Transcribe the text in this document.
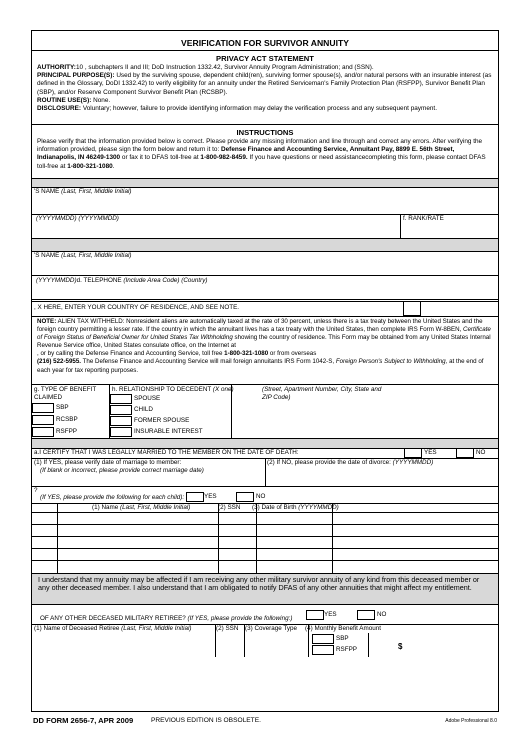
VERIFICATION FOR SURVIVOR ANNUITY
PRIVACY ACT STATEMENT
AUTHORITY:10 , subchapters II and III; DoD Instruction 1332.42, Survivor Annuity Program Administration; and (SSN).
PRINCIPAL PURPOSE(S): Used by the surviving spouse, dependent child(ren), surviving former spouse(s), and/or natural persons with an insurable interest (as defined in the Glossary, DoDI 1332.42) to verify eligibility for an annuity under the Retired Serviceman's Family Protection Plan (RSFPP), Survivor Benefit Plan (SBP), and/or Reserve Component Survivor Benefit Plan (RCSBP).
ROUTINE USE(S): None.
DISCLOSURE: Voluntary; however, failure to provide identifying information may delay the verification process and any subsequent payment.
INSTRUCTIONS
Please verify that the information provided below is correct. Please provide any missing information and line through and correct any errors. After verifying the information provided, please sign the form below and return it to: Defense Finance and Accounting Service, Annuitant Pay, 8899 E. 56th Street, Indianapolis, IN 46249-1300 or fax it to DFAS toll-free at 1-800-982-8459. If you have questions or need assistancecompleting this form, please contact DFAS toll-free at 1-800-321-1080.
'S NAME (Last, First, Middle Initial)
(YYYYMMDD) (YYYYMMDD)	f. RANK/RATE
'S NAME (Last, First, Middle Initial)
(YYYYMMDD)d. TELEPHONE (Include Area Code) (Country)
, X HERE, ENTER YOUR COUNTRY OF RESIDENCE, AND SEE NOTE.
NOTE: ALIEN TAX WITHHELD: Nonresident aliens are automatically taxed at the rate of 30 percent, unless there is a tax treaty between the United States and the foreign country permitting a lesser rate. If the country in which the annuitant lives has a tax treaty with the United States, then complete IRS Form W-8BEN, Certificate of Foreign Status of Beneficial Owner for United States Tax Withholding showing the country of residence. This Form may be obtained from any United States Internal Revenue Service office, United States consulate office, on the Internet at
, or by calling the Defense Finance and Accounting Service, toll free 1-800-321-1080 or from overseas
(216) 522-5955. The Defense Finance and Accounting Service will mail foreign annuitants IRS Form 1042-S, Foreign Person's Subject to Withholding, at the end of each year for tax reporting purposes.
g. TYPE OF BENEFIT CLAIMED
SBP
RCSBP
RSFPP
h. RELATIONSHIP TO DECEDENT (X one)
SPOUSE
CHILD
FORMER SPOUSE
INSURABLE INTEREST
(Street, Apartment Number, City, State and ZIP Code)
a.I CERTIFY THAT I WAS LEGALLY MARRIED TO THE MEMBER ON THE DATE OF DEATH:	YES	NO
(1) If YES, please verify date of marriage to member:
(If blank or incorrect, please provide correct marriage date)
(2) If NO, please provide the date of divorce: (YYYYMMDD)
?
(If YES, please provide the following for each child):	YES	NO
(1) Name (Last, First, Middle Initial)	(2) SSN (3) Date of Birth (YYYYMMDD)
I understand that my annuity may be affected if I am receiving any other military survivor annuity of any kind from this deceased member or any other deceased member. I also understand that I am obligated to notify DFAS of any other annuities that might affect my entitlement.
OF ANY OTHER DECEASED MILITARY RETIREE? (If YES, please provide the following:)
YES	NO
(1) Name of Deceased Retiree (Last, First, Middle Initial)	(2) SSN (3) Coverage Type (4) Monthly Benefit Amount
SBP
RSFPP	$
DD FORM 2656-7, APR 2009	PREVIOUS EDITION IS OBSOLETE.	Adobe Professional 8.0
